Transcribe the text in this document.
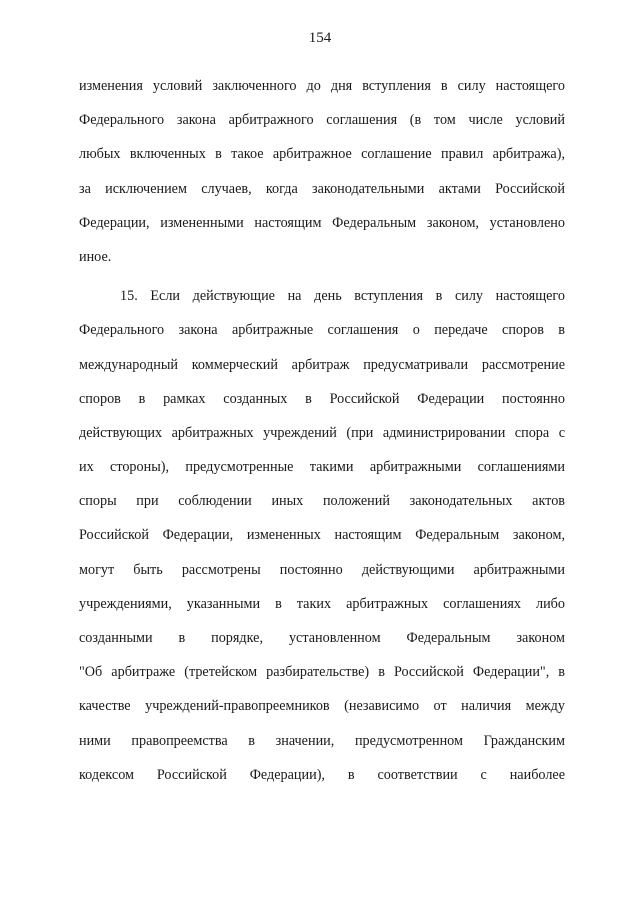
154
изменения условий заключенного до дня вступления в силу настоящего
Федерального закона арбитражного соглашения (в том числе условий
любых включенных в такое арбитражное соглашение правил арбитража),
за исключением случаев, когда законодательными актами Российской
Федерации, измененными настоящим Федеральным законом, установлено
иное.
15. Если действующие на день вступления в силу настоящего
Федерального закона арбитражные соглашения о передаче споров в
международный коммерческий арбитраж предусматривали рассмотрение
споров в рамках созданных в Российской Федерации постоянно
действующих арбитражных учреждений (при администрировании спора с
их стороны), предусмотренные такими арбитражными соглашениями
споры при соблюдении иных положений законодательных актов
Российской Федерации, измененных настоящим Федеральным законом,
могут быть рассмотрены постоянно действующими арбитражными
учреждениями, указанными в таких арбитражных соглашениях либо
созданными в порядке, установленном Федеральным законом
"Об арбитраже (третейском разбирательстве) в Российской Федерации", в
качестве учреждений-правопреемников (независимо от наличия между
ними правопреемства в значении, предусмотренном Гражданским
кодексом Российской Федерации), в соответствии с наиболее
